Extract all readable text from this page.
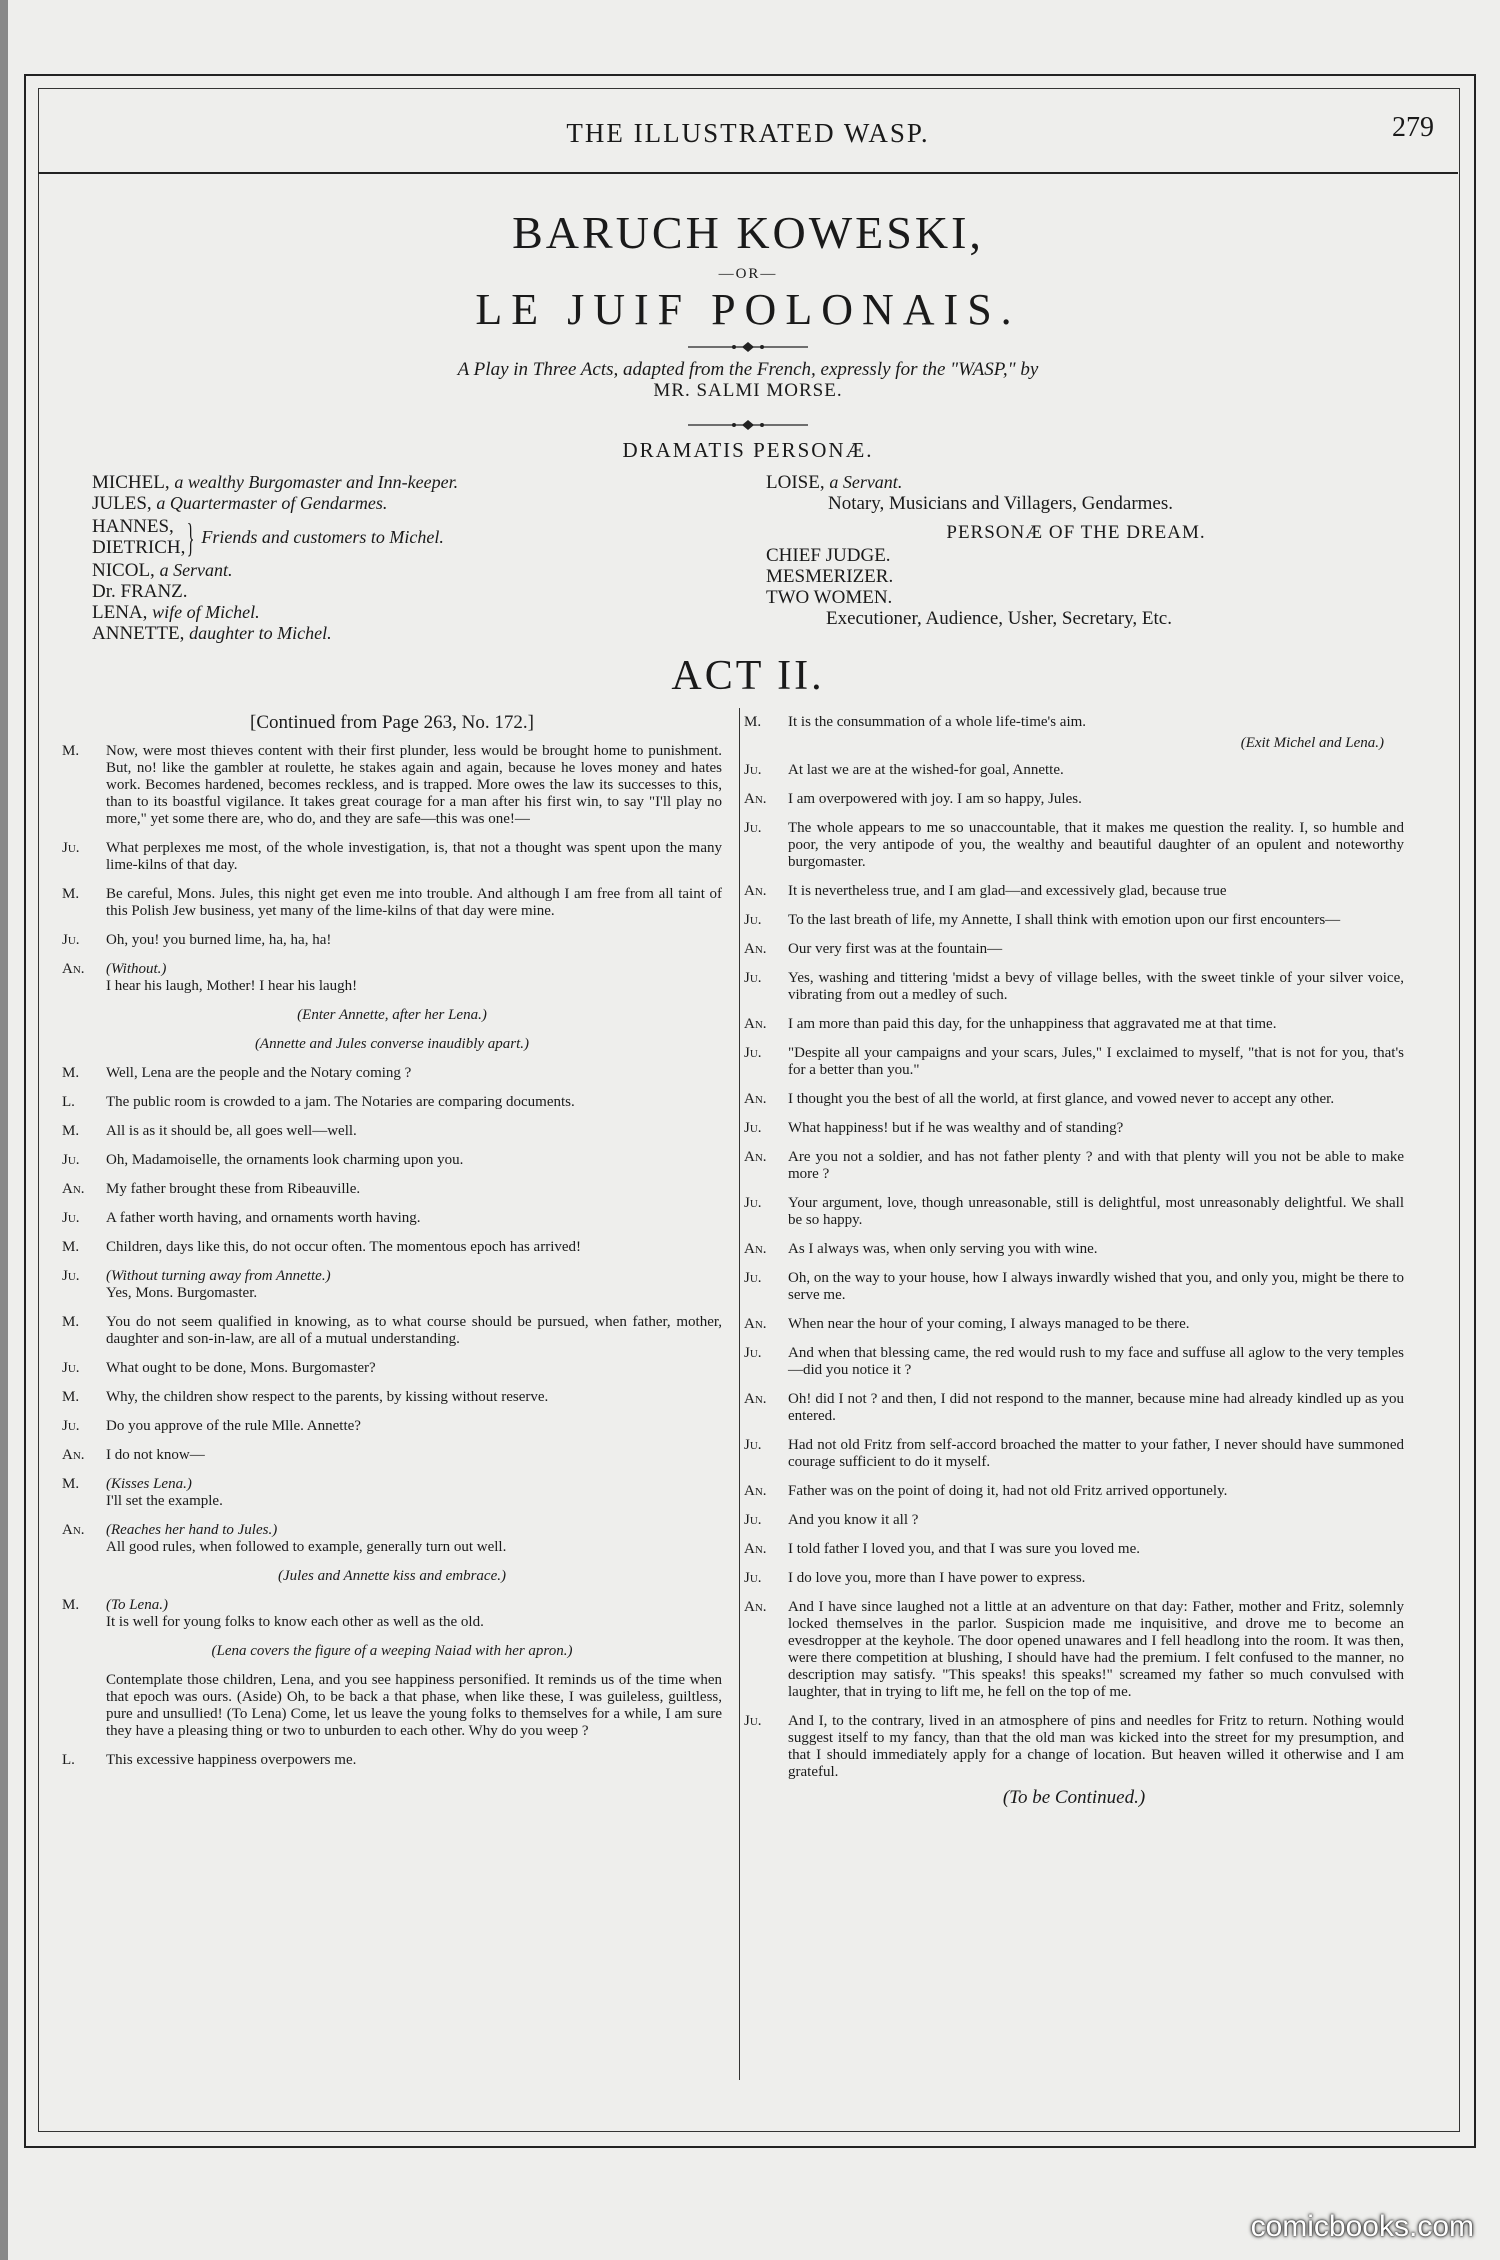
THE ILLUSTRATED WASP.	279
BARUCH KOWESKI,
—OR—
LE JUIF POLONAIS.
A Play in Three Acts, adapted from the French, expressly for the "WASP," by
MR. SALMI MORSE.
DRAMATIS PERSONÆ.
MICHEL, a wealthy Burgomaster and Inn-keeper.
JULES, a Quartermaster of Gendarmes.
HANNES,
DIETRICH,} Friends and customers to Michel.
NICOL, a Servant.
Dr. FRANZ.
LENA, wife of Michel.
ANNETTE, daughter to Michel.
LOISE, a Servant.
Notary, Musicians and Villagers, Gendarmes.
PERSONÆ OF THE DREAM.
CHIEF JUDGE.
MESMERIZER.
TWO WOMEN.
Executioner, Audience, Usher, Secretary, Etc.
ACT II.
[Continued from Page 263, No. 172.]
M.	Now, were most thieves content with their first plunder, less would be brought home to punishment. But, no! like the gambler at roulette, he stakes again and again, because he loves money and hates work. Becomes hardened, becomes reckless, and is trapped. More owes the law its successes to this, than to its boastful vigilance. It takes great courage for a man after his first win, to say "I'll play no more," yet some there are, who do, and they are safe—this was one!—
Ju.	What perplexes me most, of the whole investigation, is, that not a thought was spent upon the many lime-kilns of that day.
M.	Be careful, Mons. Jules, this night get even me into trouble. And although I am free from all taint of this Polish Jew business, yet many of the lime-kilns of that day were mine.
Ju.	Oh, you! you burned lime, ha, ha, ha!
An.	(Without.)
I hear his laugh, Mother! I hear his laugh!
(Enter Annette, after her Lena.)
(Annette and Jules converse inaudibly apart.)
M.	Well, Lena are the people and the Notary coming ?
L.	The public room is crowded to a jam. The Notaries are comparing documents.
M.	All is as it should be, all goes well—well.
Ju.	Oh, Madamoiselle, the ornaments look charming upon you.
An.	My father brought these from Ribeauville.
Ju.	A father worth having, and ornaments worth having.
M.	Children, days like this, do not occur often. The momentous epoch has arrived!
Ju.	(Without turning away from Annette.)
Yes, Mons. Burgomaster.
M.	You do not seem qualified in knowing, as to what course should be pursued, when father, mother, daughter and son-in-law, are all of a mutual understanding.
Ju.	What ought to be done, Mons. Burgomaster?
M.	Why, the children show respect to the parents, by kissing without reserve.
Ju.	Do you approve of the rule Mlle. Annette?
An.	I do not know—
M.	(Kisses Lena.)
I'll set the example.
An.	(Reaches her hand to Jules.)
All good rules, when followed to example, generally turn out well.
(Jules and Annette kiss and embrace.)
M.	(To Lena.)
It is well for young folks to know each other as well as the old.
(Lena covers the figure of a weeping Naiad with her apron.)
Contemplate those children, Lena, and you see happiness personified. It reminds us of the time when that epoch was ours. (Aside) Oh, to be back a that phase, when like these, I was guileless, guiltless, pure and unsullied! (To Lena) Come, let us leave the young folks to themselves for a while, I am sure they have a pleasing thing or two to unburden to each other. Why do you weep ?
L.	This excessive happiness overpowers me.
M.	It is the consummation of a whole life-time's aim.
(Exit Michel and Lena.)
Ju.	At last we are at the wished-for goal, Annette.
An.	I am overpowered with joy. I am so happy, Jules.
Ju.	The whole appears to me so unaccountable, that it makes me question the reality. I, so humble and poor, the very antipode of you, the wealthy and beautiful daughter of an opulent and noteworthy burgomaster.
An.	It is nevertheless true, and I am glad—and excessively glad, because true
Ju.	To the last breath of life, my Annette, I shall think with emotion upon our first encounters—
An.	Our very first was at the fountain—
Ju.	Yes, washing and tittering 'midst a bevy of village belles, with the sweet tinkle of your silver voice, vibrating from out a medley of such.
An.	I am more than paid this day, for the unhappiness that aggravated me at that time.
Ju.	"Despite all your campaigns and your scars, Jules," I exclaimed to myself, "that is not for you, that's for a better than you."
An.	I thought you the best of all the world, at first glance, and vowed never to accept any other.
Ju.	What happiness! but if he was wealthy and of standing?
An.	Are you not a soldier, and has not father plenty ? and with that plenty will you not be able to make more ?
Ju.	Your argument, love, though unreasonable, still is delightful, most unreasonably delightful. We shall be so happy.
An.	As I always was, when only serving you with wine.
Ju.	Oh, on the way to your house, how I always inwardly wished that you, and only you, might be there to serve me.
An.	When near the hour of your coming, I always managed to be there.
Ju.	And when that blessing came, the red would rush to my face and suffuse all aglow to the very temples—did you notice it ?
An.	Oh! did I not ? and then, I did not respond to the manner, because mine had already kindled up as you entered.
Ju.	Had not old Fritz from self-accord broached the matter to your father, I never should have summoned courage sufficient to do it myself.
An.	Father was on the point of doing it, had not old Fritz arrived opportunely.
Ju.	And you know it all ?
An.	I told father I loved you, and that I was sure you loved me.
Ju.	I do love you, more than I have power to express.
An.	And I have since laughed not a little at an adventure on that day: Father, mother and Fritz, solemnly locked themselves in the parlor. Suspicion made me inquisitive, and drove me to become an evesdropper at the keyhole. The door opened unawares and I fell headlong into the room. It was then, were there competition at blushing, I should have had the premium. I felt confused to the manner, no description may satisfy. "This speaks! this speaks!" screamed my father so much convulsed with laughter, that in trying to lift me, he fell on the top of me.
Ju.	And I, to the contrary, lived in an atmosphere of pins and needles for Fritz to return. Nothing would suggest itself to my fancy, than that the old man was kicked into the street for my presumption, and that I should immediately apply for a change of location. But heaven willed it otherwise and I am grateful.
(To be Continued.)
comicbooks.com
